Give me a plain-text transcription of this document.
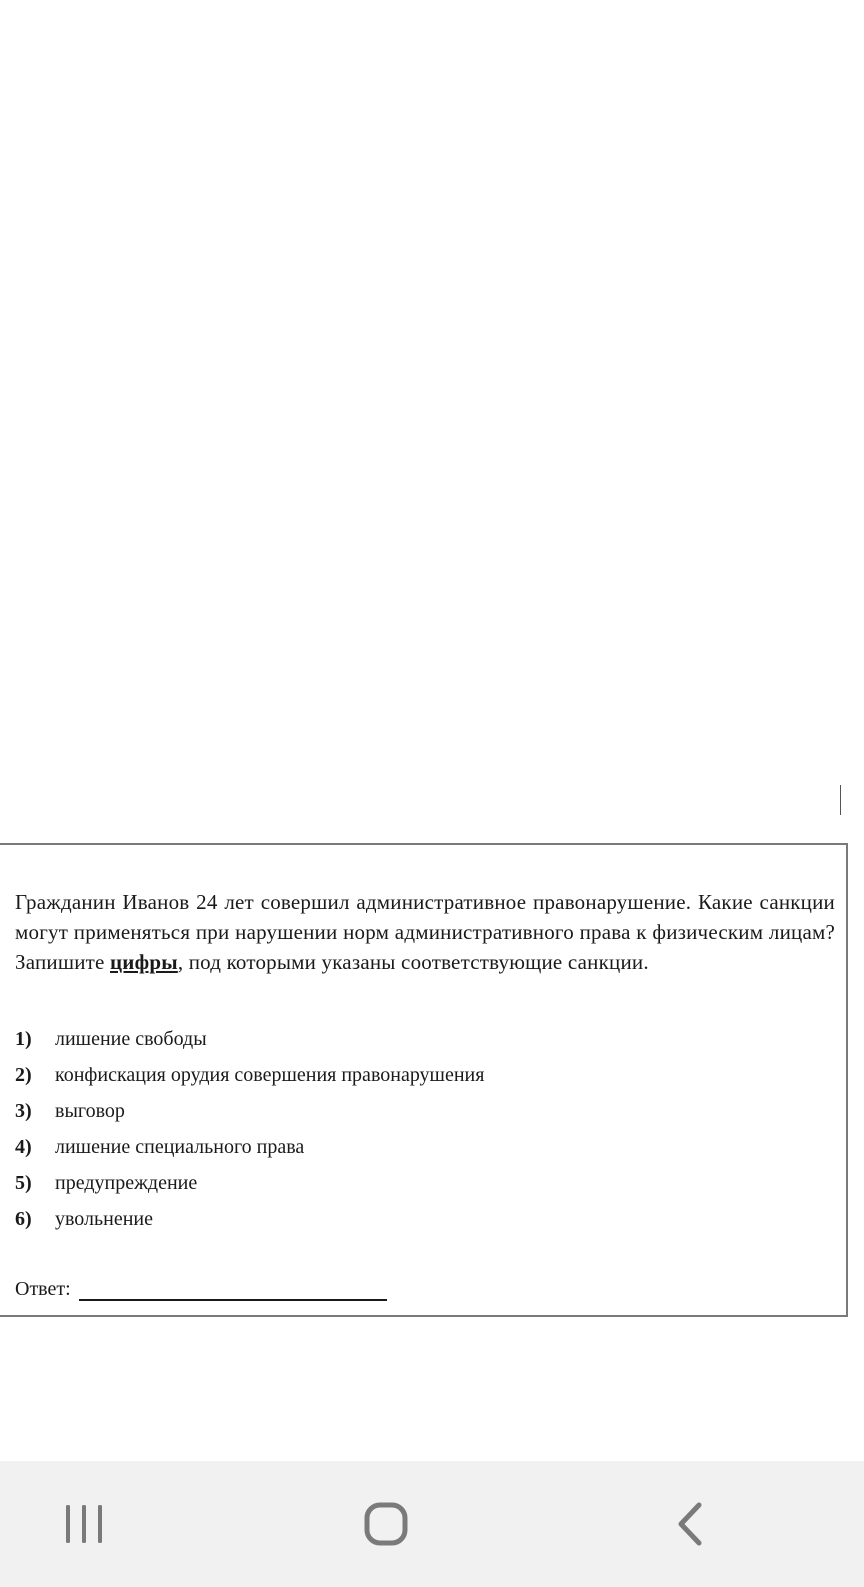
Гражданин Иванов 24 лет совершил административное правонарушение. Какие санкции могут применяться при нарушении норм административного права к физическим лицам? Запишите цифры, под которыми указаны соответствующие санкции.

1) лишение свободы
2) конфискация орудия совершения правонарушения
3) выговор
4) лишение специального права
5) предупреждение
6) увольнение
Ответ:
